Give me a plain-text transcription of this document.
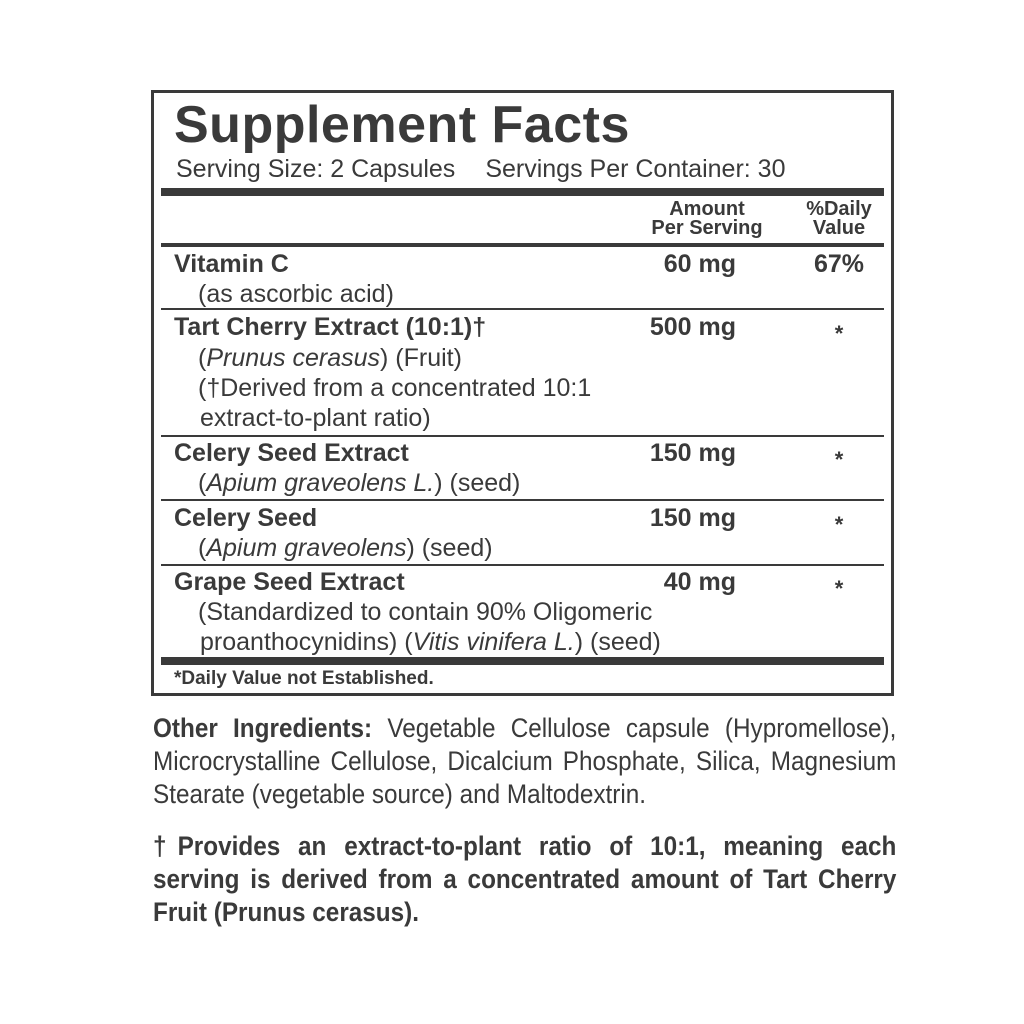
Supplement Facts
Serving Size: 2 Capsules Servings Per Container: 30
Amount
Per Serving
%Daily
Value
Vitamin C	60 mg	67%
(as ascorbic acid)
Tart Cherry Extract (10:1)†	500 mg	*
(Prunus cerasus) (Fruit)
(†Derived from a concentrated 10:1
extract-to-plant ratio)
Celery Seed Extract	150 mg	*
(Apium graveolens L.) (seed)
Celery Seed	150 mg	*
(Apium graveolens) (seed)
Grape Seed Extract	40 mg	*
(Standardized to contain 90% Oligomeric
proanthocynidins) (Vitis vinifera L.) (seed)
*Daily Value not Established.

Other Ingredients: Vegetable Cellulose capsule (Hypromellose), Microcrystalline Cellulose, Dicalcium Phosphate, Silica, Magnesium Stearate (vegetable source) and Maltodextrin.

†Provides an extract-to-plant ratio of 10:1, meaning each serving is derived from a concentrated amount of Tart Cherry Fruit (Prunus cerasus).
